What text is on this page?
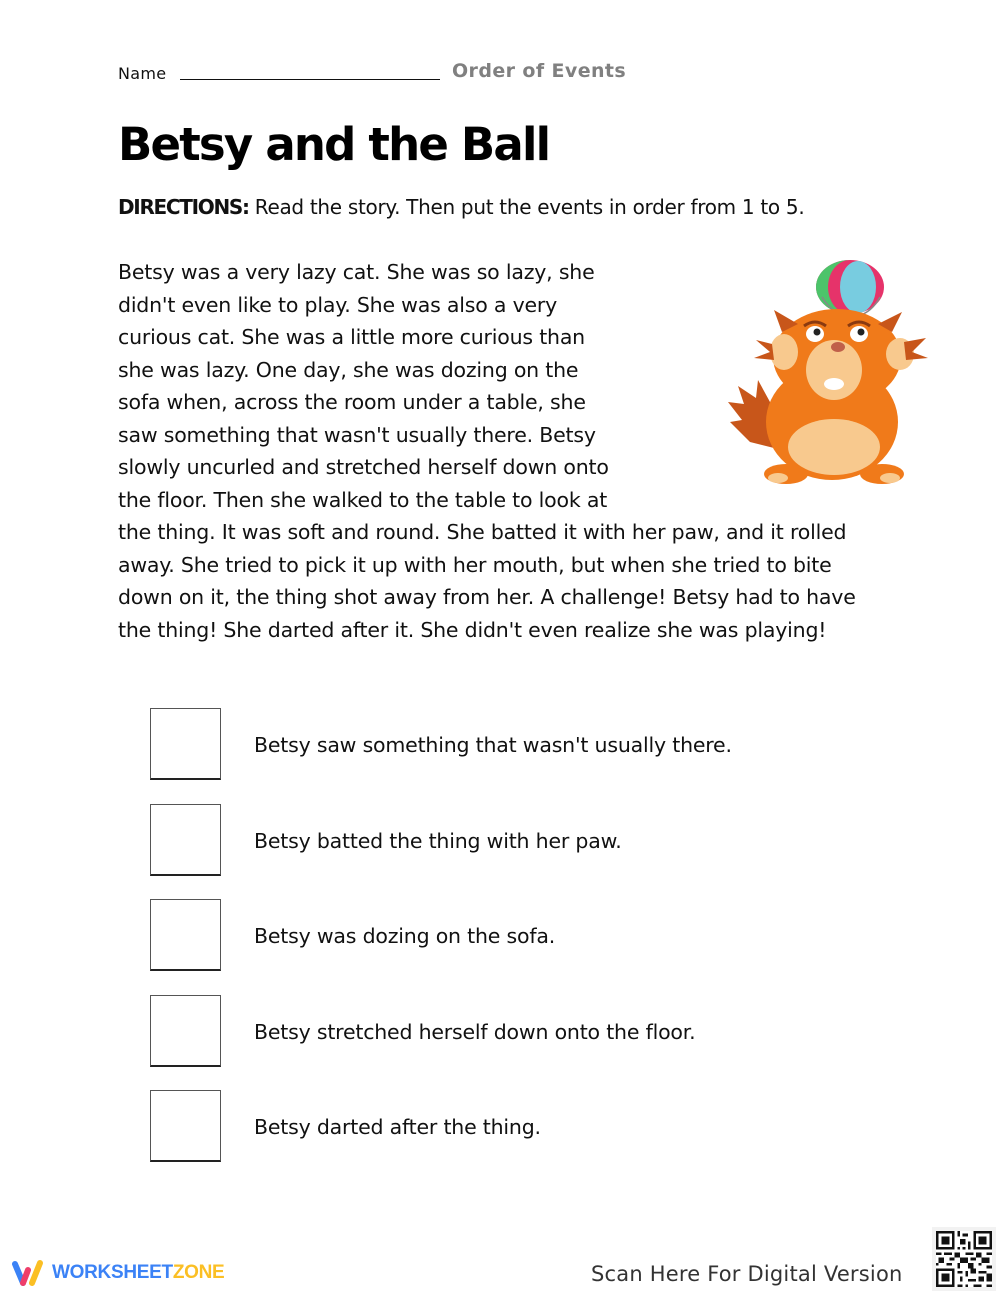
Name	Order of Events
Betsy and the Ball

DIRECTIONS: Read the story. Then put the events in order from 1 to 5.

Betsy was a very lazy cat. She was so lazy, she didn't even like to play. She was also a very curious cat. She was a little more curious than she was lazy. One day, she was dozing on the sofa when, across the room under a table, she saw something that wasn't usually there. Betsy slowly uncurled and stretched herself down onto the floor. Then she walked to the table to look at the thing. It was soft and round. She batted it with her paw, and it rolled away. She tried to pick it up with her mouth, but when she tried to bite down on it, the thing shot away from her. A challenge! Betsy had to have the thing! She darted after it. She didn't even realize she was playing!
Betsy saw something that wasn't usually there.
Betsy batted the thing with her paw.
Betsy was dozing on the sofa.
Betsy stretched herself down onto the floor.
Betsy darted after the thing.
WORKSHEETZONE	Scan Here For Digital Version
